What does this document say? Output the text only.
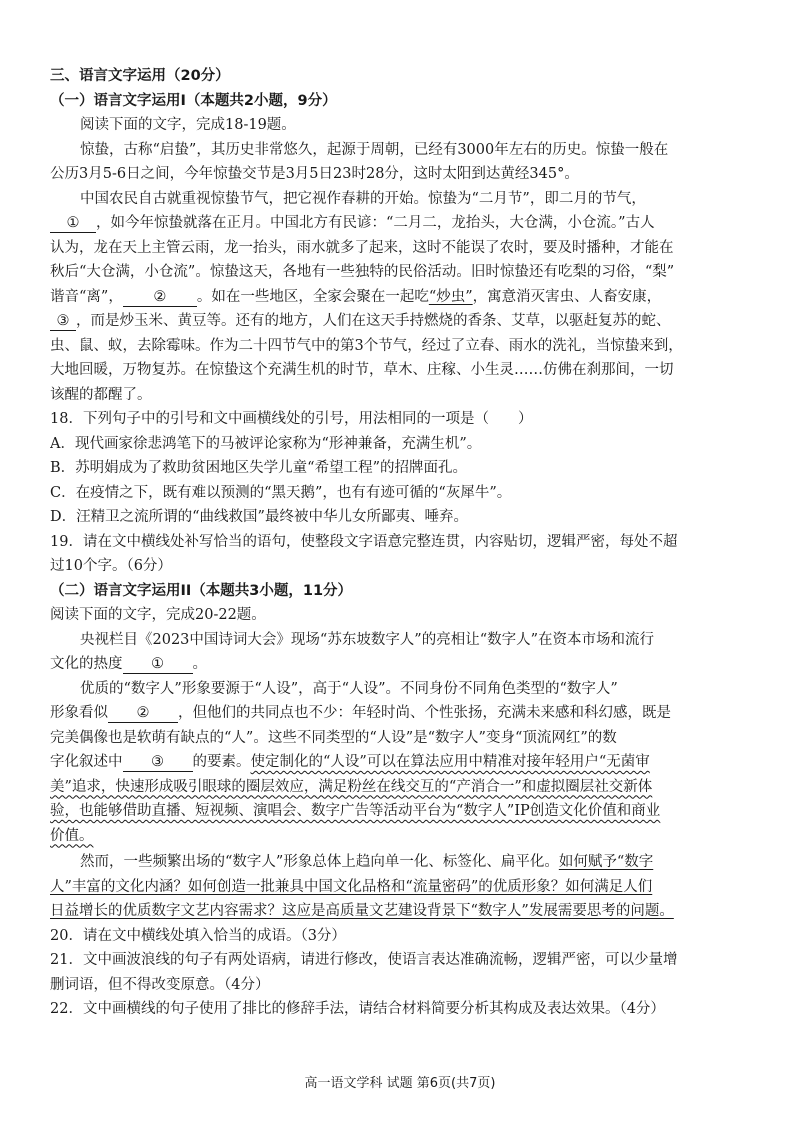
三、语言文字运用（20分）
（一）语言文字运用Ⅰ（本题共2小题，9分）
阅读下面的文字，完成18-19题。
惊蛰，古称“启蛰”，其历史非常悠久，起源于周朝，已经有3000年左右的历史。惊蛰一般在
公历3月5-6日之间，今年惊蛰交节是3月5日23时28分，这时太阳到达黄经345°。
中国农民自古就重视惊蛰节气，把它视作春耕的开始。惊蛰为“二月节”，即二月的节气，
① ，如今年惊蛰就落在正月。中国北方有民谚：“二月二，龙抬头，大仓满，小仓流。”古人
认为，龙在天上主管云雨，龙一抬头，雨水就多了起来，这时不能误了农时，要及时播种，才能在
秋后“大仓满，小仓流”。惊蛰这天，各地有一些独特的民俗活动。旧时惊蛰还有吃梨的习俗，“梨”
谐音“离”， ② 。如在一些地区，全家会聚在一起吃“炒虫”，寓意消灭害虫、人畜安康，
③ ，而是炒玉米、黄豆等。还有的地方，人们在这天手持燃烧的香条、艾草，以驱赶复苏的蛇、
虫、鼠、蚁，去除霉味。作为二十四节气中的第3个节气，经过了立春、雨水的洗礼，当惊蛰来到，
大地回暖，万物复苏。在惊蛰这个充满生机的时节，草木、庄稼、小生灵……仿佛在刹那间，一切
该醒的都醒了。
18．下列句子中的引号和文中画横线处的引号，用法相同的一项是（　　）
A．现代画家徐悲鸿笔下的马被评论家称为“形神兼备，充满生机”。
B．苏明娟成为了救助贫困地区失学儿童“希望工程”的招牌面孔。
C．在疫情之下，既有难以预测的“黑天鹅”，也有有迹可循的“灰犀牛”。
D．汪精卫之流所谓的“曲线救国”最终被中华儿女所鄙夷、唾弃。
19．请在文中横线处补写恰当的语句，使整段文字语意完整连贯，内容贴切，逻辑严密，每处不超
过10个字。（6分）
（二）语言文字运用II（本题共3小题，11分）
阅读下面的文字，完成20-22题。
央视栏目《2023中国诗词大会》现场“苏东坡数字人”的亮相让“数字人”在资本市场和流行
文化的热度 ① 。
优质的“数字人”形象要源于“人设”，高于“人设”。不同身份不同角色类型的“数字人”
形象看似 ② ，但他们的共同点也不少：年轻时尚、个性张扬，充满未来感和科幻感，既是
完美偶像也是软萌有缺点的“人”。这些不同类型的“人设”是“数字人”变身“顶流网红”的数
字化叙述中 ③ 的要素。使定制化的“人设”可以在算法应用中精准对接年轻用户“无菌审
美”追求，快速形成吸引眼球的圈层效应，满足粉丝在线交互的“产消合一”和虚拟圈层社交新体
验，也能够借助直播、短视频、演唱会、数字广告等活动平台为“数字人”IP创造文化价值和商业
价值。
然而，一些频繁出场的“数字人”形象总体上趋向单一化、标签化、扁平化。如何赋予“数字
人”丰富的文化内涵？如何创造一批兼具中国文化品格和“流量密码”的优质形象？如何满足人们
日益增长的优质数字文艺内容需求？这应是高质量文艺建设背景下“数字人”发展需要思考的问题。
20．请在文中横线处填入恰当的成语。（3分）
21．文中画波浪线的句子有两处语病，请进行修改，使语言表达准确流畅，逻辑严密，可以少量增
删词语，但不得改变原意。（4分）
22．文中画横线的句子使用了排比的修辞手法，请结合材料简要分析其构成及表达效果。（4分）
高一语文学科 试题 第6页(共7页)
